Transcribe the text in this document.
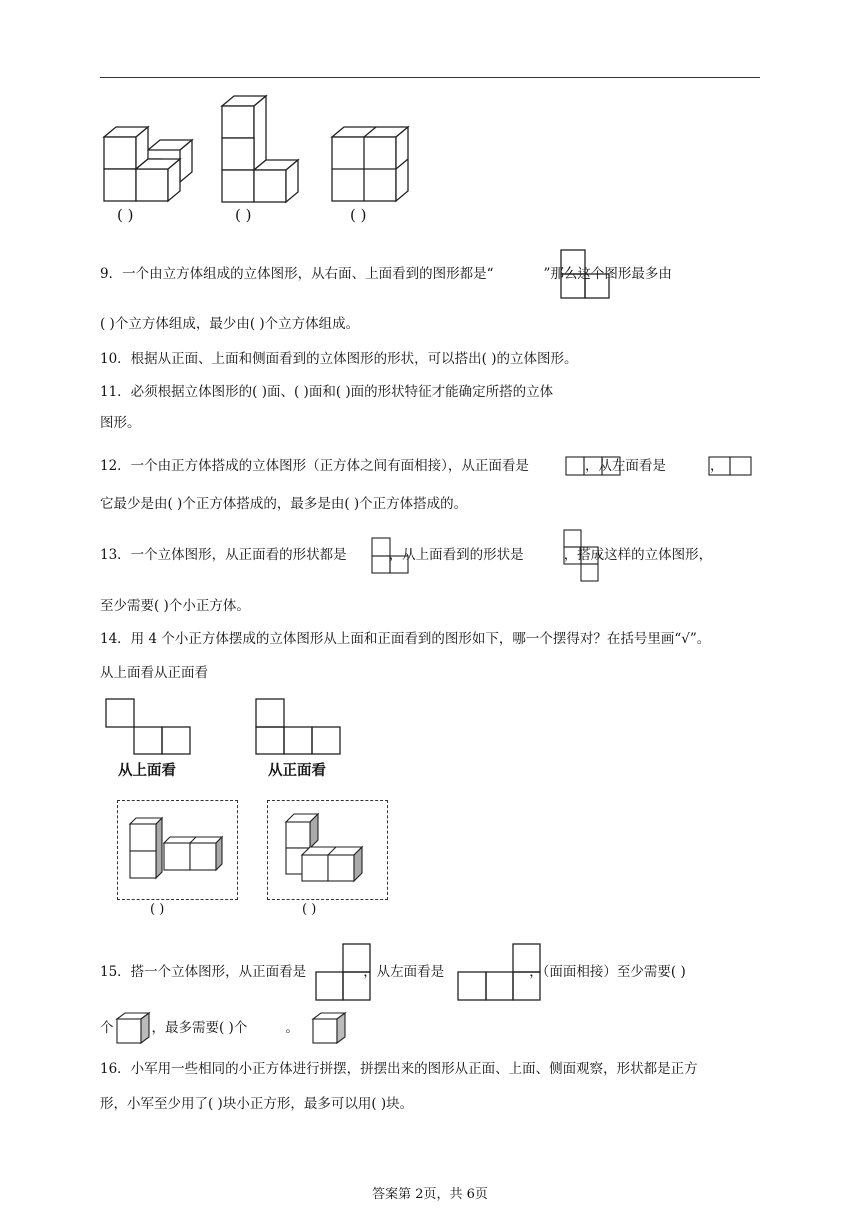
( )	( )	( )
9．一个由立方体组成的立体图形，从右面、上面看到的图形都是“	”那么这个图形最多由
( )个立方体组成，最少由( )个立方体组成。
10．根据从正面、上面和侧面看到的立体图形的形状，可以搭出( )的立体图形。
11．必须根据立体图形的( )面、( )面和( )面的形状特征才能确定所搭的立体
图形。
12．一个由正方体搭成的立体图形（正方体之间有面相接），从正面看是	，从左面看是	，
它最少是由( )个正方体搭成的，最多是由( )个正方体搭成的。
13．一个立体图形，从正面看的形状都是	，从上面看到的形状是	，搭成这样的立体图形，
至少需要( )个小正方体。
14．用 4 个小正方体摆成的立体图形从上面和正面看到的图形如下，哪一个摆得对？在括号里画“√”。
从上面看从正面看
从上面看	从正面看
( )	( )
15．搭一个立体图形，从正面看是	，从左面看是	，（面面相接）至少需要( )
个	，最多需要( )个	。
16．小军用一些相同的小正方体进行拼摆，拼摆出来的图形从正面、上面、侧面观察，形状都是正方
形，小军至少用了( )块小正方形，最多可以用( )块。
答案第 2页，共 6页
